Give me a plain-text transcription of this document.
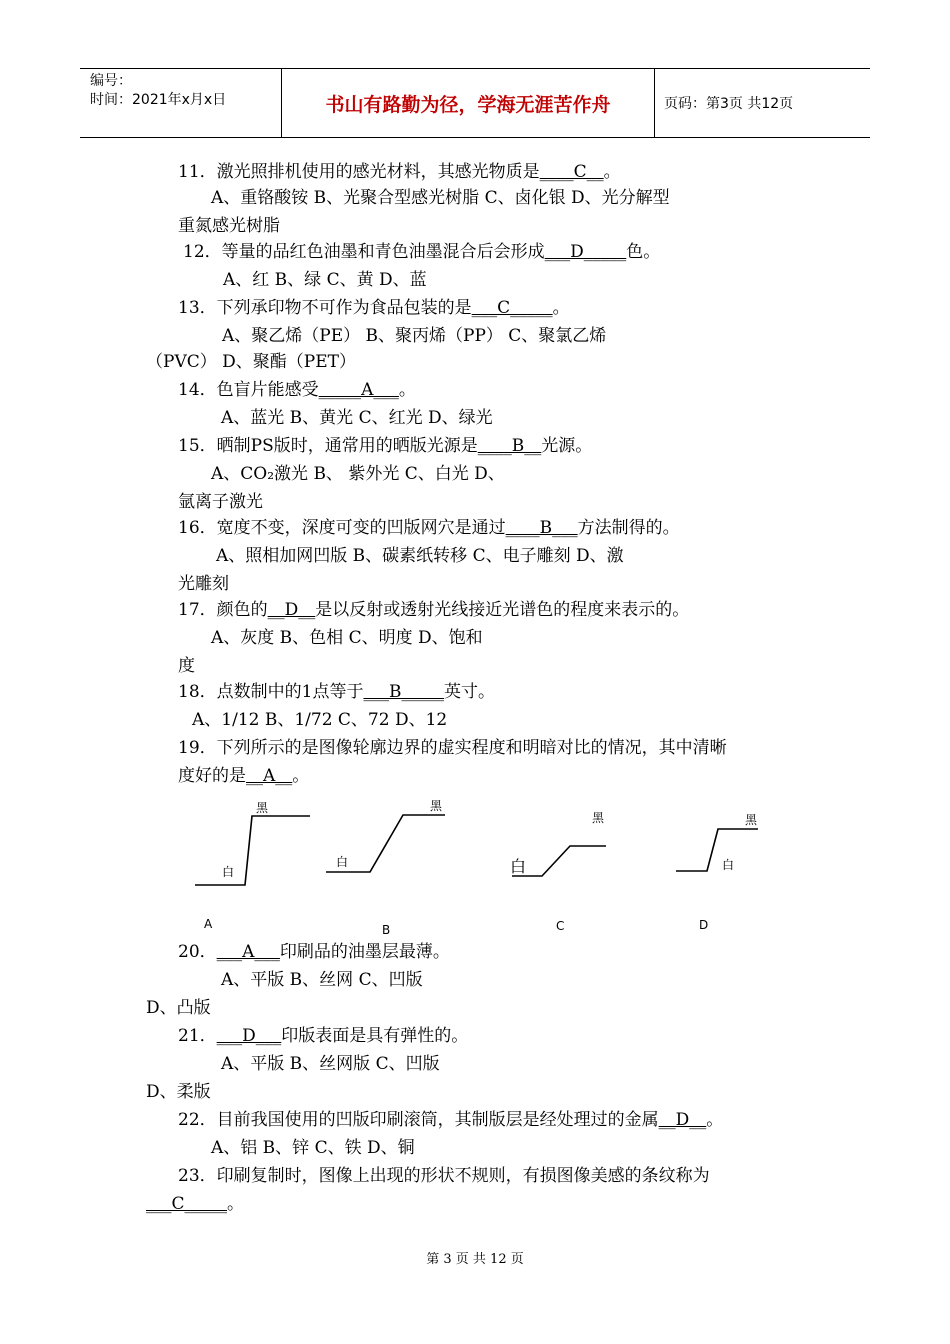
编号：
时间：2021年x月x日	书山有路勤为径，学海无涯苦作舟	页码：第3页 共12页
11．激光照排机使用的感光材料，其感光物质是____C__。
A、重铬酸铵 B、光聚合型感光树脂 C、卤化银 D、光分解型
重氮感光树脂
12．等量的品红色油墨和青色油墨混合后会形成___D_____色。
A、红 B、绿 C、黄 D、蓝
13．下列承印物不可作为食品包装的是___C_____。
A、聚乙烯（PE） B、聚丙烯（PP） C、聚氯乙烯
（PVC） D、聚酯（PET）
14．色盲片能感受_____A___。
A、蓝光 B、黄光 C、红光 D、绿光
15．晒制PS版时，通常用的晒版光源是____B__光源。
A、CO₂激光 B、 紫外光 C、白光 D、
氩离子激光
16．宽度不变，深度可变的凹版网穴是通过____B___方法制得的。
A、照相加网凹版 B、碳素纸转移 C、电子雕刻 D、激
光雕刻
17．颜色的__D__是以反射或透射光线接近光谱色的程度来表示的。
A、灰度 B、色相 C、明度 D、饱和
度
18．点数制中的1点等于___B_____英寸。
A、1/12 B、1/72 C、72 D、12
19．下列所示的是图像轮廓边界的虚实程度和明暗对比的情况，其中清晰
度好的是__A__。
20．___A___印刷品的油墨层最薄。
A、平版 B、丝网 C、凹版
D、凸版
21．___D___印版表面是具有弹性的。
A、平版 B、丝网版 C、凹版
D、柔版
22．目前我国使用的凹版印刷滚筒，其制版层是经处理过的金属__D__。
A、铝 B、锌 C、铁 D、铜
23．印刷复制时，图像上出现的形状不规则，有损图像美感的条纹称为
___C_____。
黑
白
黑
白
黑
白
黑
白
A	B	C	D
第 3 页 共 12 页
